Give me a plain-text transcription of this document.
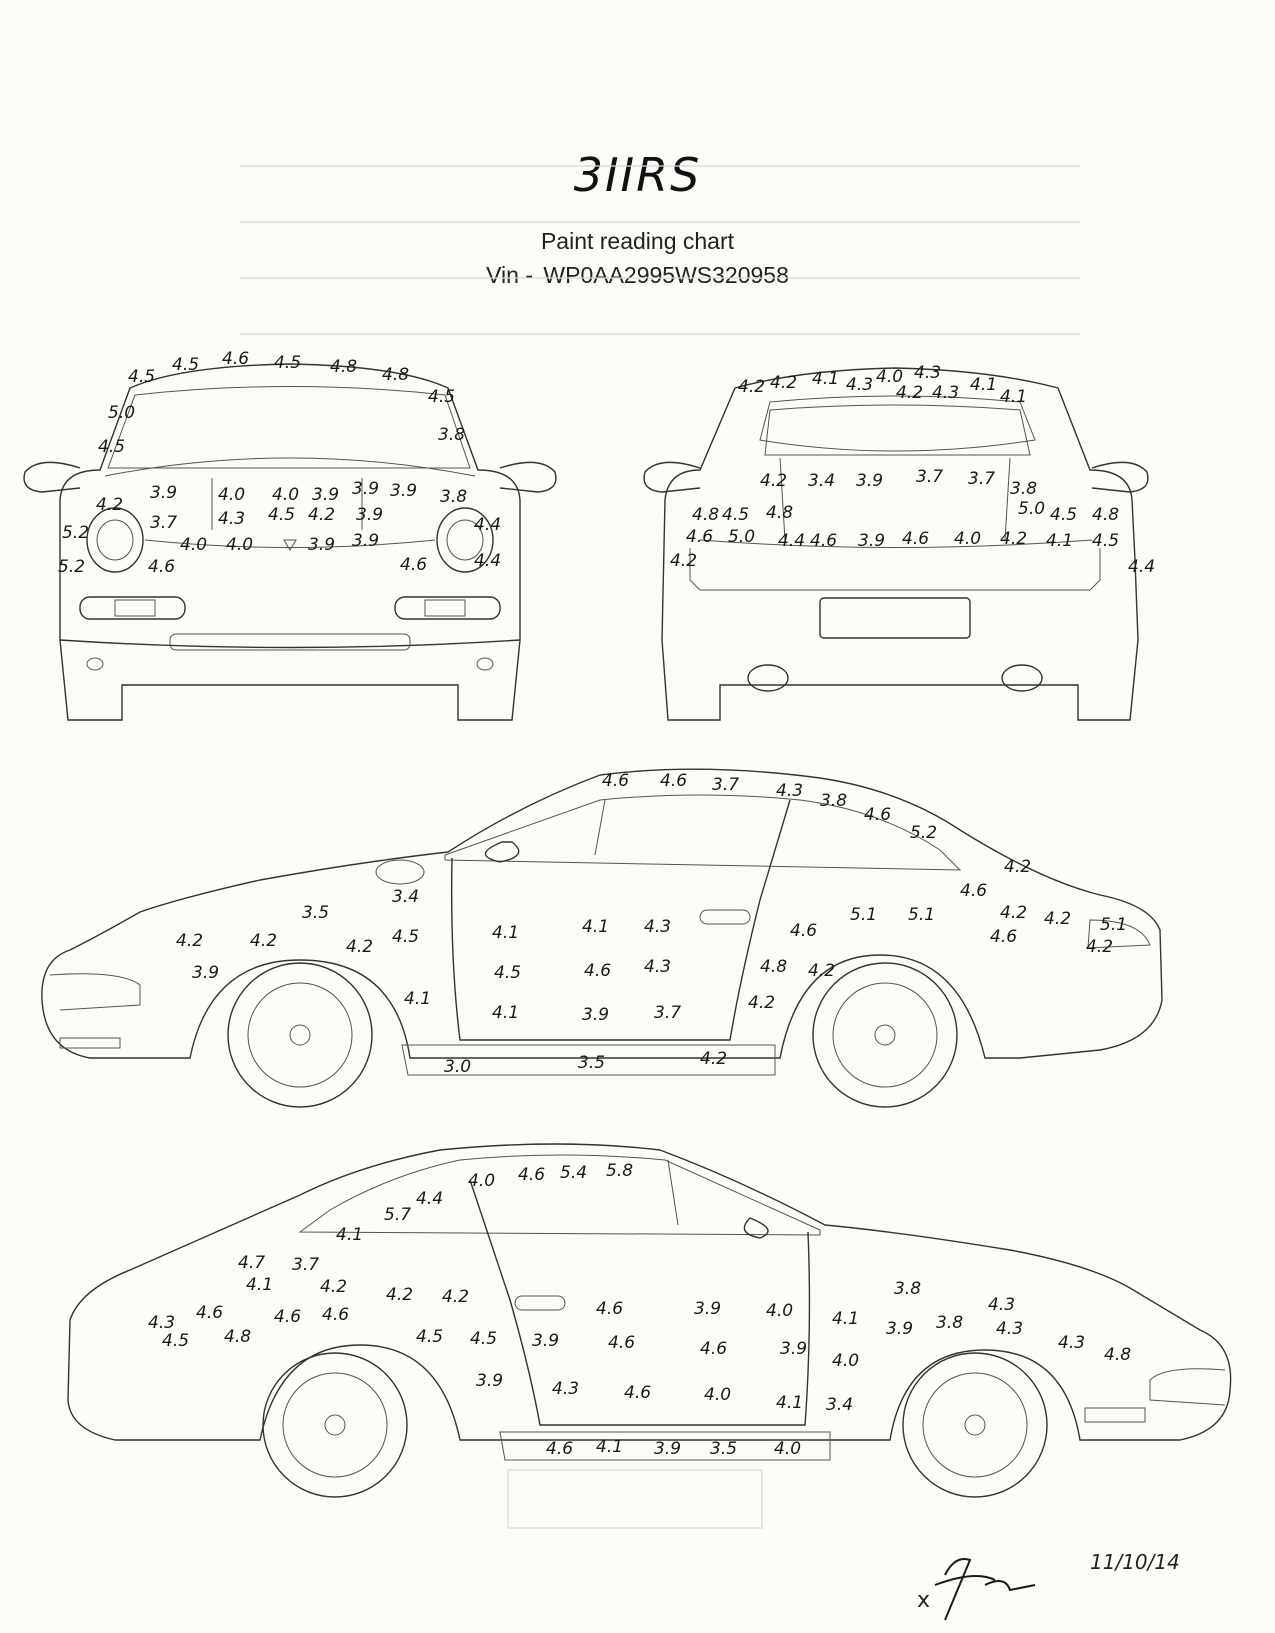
3IIRS
Paint reading chart
Vin - WP0AA2995WS320958
4.5
4.5 4.6 4.5 4.8 4.8
4.5
5.0
4.5
3.8
3.9 4.0 4.0 3.9 3.9 3.9 3.8
4.2
3.7 4.3 4.5 4.2 3.9	4.4
5.2
4.0 4.0	3.9 3.9
5.2	4.6	4.6	4.4
4.2 4.2 4.1 4.3 4.0 4.3
4.2 4.3 4.1
4.1
4.2 3.4 3.9 3.7 3.7 3.8
4.8 4.5 4.8	5.0 4.5 4.8
4.6 5.0 4.4 4.6 3.9 4.6 4.0 4.2 4.1 4.5
4.2	4.4
4.6 4.6 3.7 4.3 3.8
4.6
5.2
4.2
3.4
3.5
4.6
4.2	4.2 4.5
3.9
4.1	4.1 4.3	4.6
5.1 5.1	4.2 4.2
4.2
5.1
4.6
4.2
4.5	4.6 4.3	4.8 4.2
4.1
4.1	3.9	3.7	4.2
3.0	3.5	4.2
4.0 4.6 5.4 5.8
4.4
5.7
4.1
4.7 3.7
4.1	4.2 4.2 4.2
4.3 4.6	4.6 4.6
4.5 4.5
3.8
4.3
4.5 4.8
4.6	3.9	4.0 4.1 3.9 3.8 4.3
4.3
4.8
3.9	4.6	4.6	3.9
4.0
3.9	4.3	4.6	4.0	4.1 3.4
4.6 4.1 3.9 3.5 4.0
x
11/10/14
